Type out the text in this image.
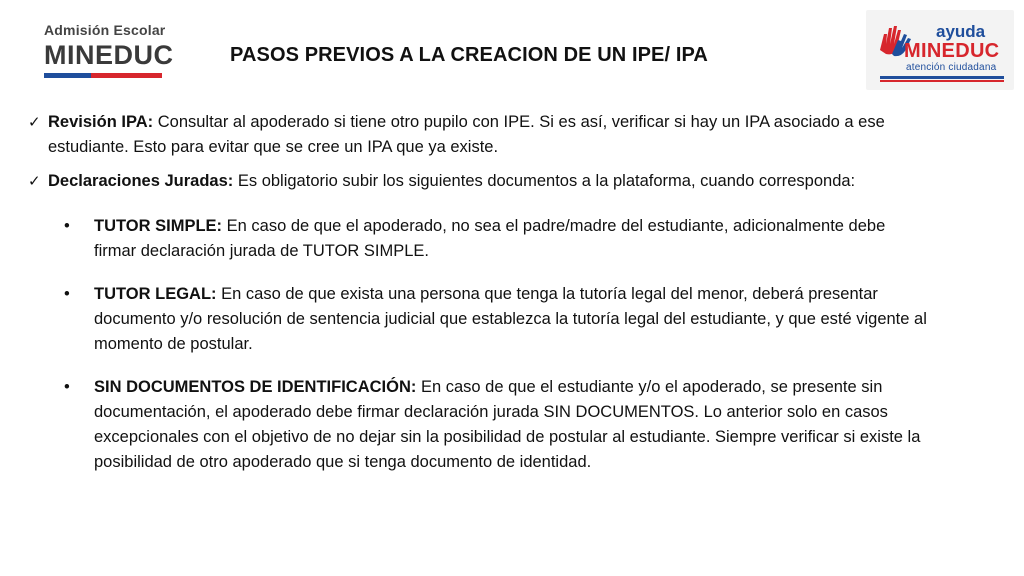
Admisión Escolar
MINEDUC	PASOS PREVIOS A LA CREACION DE UN IPE/ IPA
ayuda
MINEDUC
atención ciudadana
✓ Revisión IPA: Consultar al apoderado si tiene otro pupilo con IPE. Si es así, verificar si hay un IPA asociado a ese estudiante. Esto para evitar que se cree un IPA que ya existe.
✓ Declaraciones Juradas: Es obligatorio subir los siguientes documentos a la plataforma, cuando corresponda:
• TUTOR SIMPLE: En caso de que el apoderado, no sea el padre/madre del estudiante, adicionalmente debe firmar declaración jurada de TUTOR SIMPLE.
• TUTOR LEGAL: En caso de que exista una persona que tenga la tutoría legal del menor, deberá presentar documento y/o resolución de sentencia judicial que establezca la tutoría legal del estudiante, y que esté vigente al momento de postular.
• SIN DOCUMENTOS DE IDENTIFICACIÓN: En caso de que el estudiante y/o el apoderado, se presente sin documentación, el apoderado debe firmar declaración jurada SIN DOCUMENTOS. Lo anterior solo en casos excepcionales con el objetivo de no dejar sin la posibilidad de postular al estudiante. Siempre verificar si existe la posibilidad de otro apoderado que si tenga documento de identidad.
